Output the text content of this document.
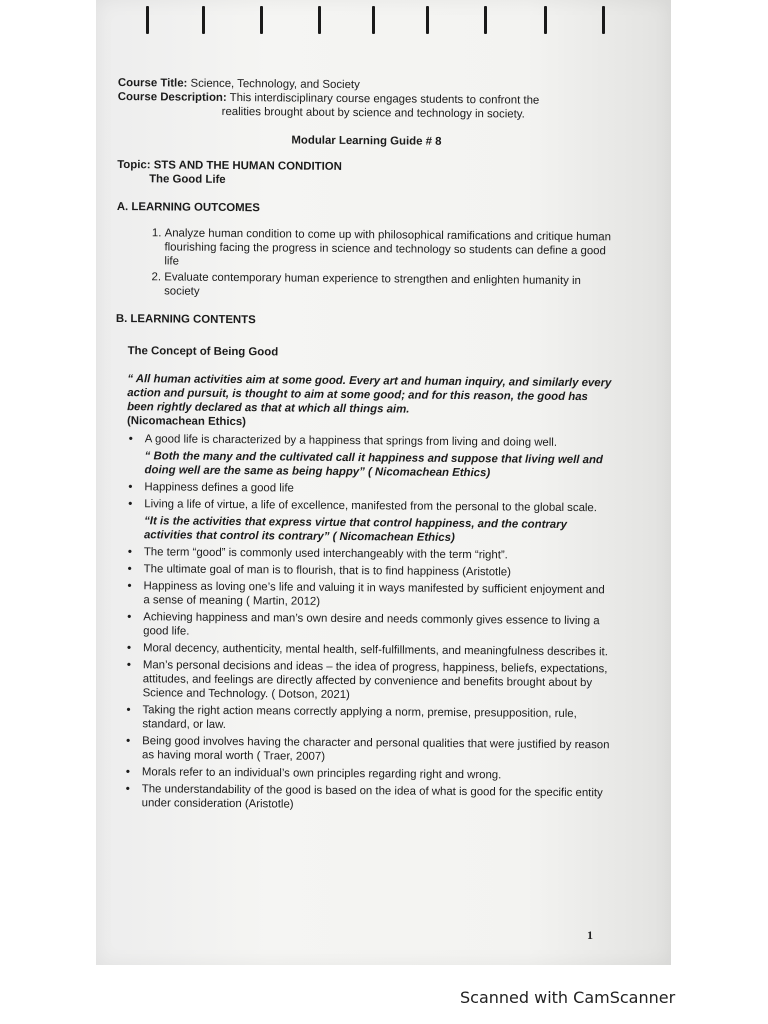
Course Title: Science, Technology, and Society
Course Description: This interdisciplinary course engages students to confront the
realities brought about by science and technology in society.
Modular Learning Guide # 8
Topic: STS AND THE HUMAN CONDITION
The Good Life
A. LEARNING OUTCOMES
1. Analyze human condition to come up with philosophical ramifications and critique human flourishing facing the progress in science and technology so students can define a good life
2. Evaluate contemporary human experience to strengthen and enlighten humanity in society
B. LEARNING CONTENTS
The Concept of Being Good
“ All human activities aim at some good. Every art and human inquiry, and similarly every action and pursuit, is thought to aim at some good; and for this reason, the good has been rightly declared as that at which all things aim.
(Nicomachean Ethics)
• A good life is characterized by a happiness that springs from living and doing well.
“ Both the many and the cultivated call it happiness and suppose that living well and doing well are the same as being happy” ( Nicomachean Ethics)
• Happiness defines a good life
• Living a life of virtue, a life of excellence, manifested from the personal to the global scale.
“It is the activities that express virtue that control happiness, and the contrary activities that control its contrary” ( Nicomachean Ethics)
• The term “good” is commonly used interchangeably with the term “right”.
• The ultimate goal of man is to flourish, that is to find happiness (Aristotle)
• Happiness as loving one’s life and valuing it in ways manifested by sufficient enjoyment and a sense of meaning ( Martin, 2012)
• Achieving happiness and man’s own desire and needs commonly gives essence to living a good life.
• Moral decency, authenticity, mental health, self-fulfillments, and meaningfulness describes it.
• Man’s personal decisions and ideas – the idea of progress, happiness, beliefs, expectations, attitudes, and feelings are directly affected by convenience and benefits brought about by Science and Technology. ( Dotson, 2021)
• Taking the right action means correctly applying a norm, premise, presupposition, rule, standard, or law.
• Being good involves having the character and personal qualities that were justified by reason as having moral worth ( Traer, 2007)
• Morals refer to an individual’s own principles regarding right and wrong.
• The understandability of the good is based on the idea of what is good for the specific entity under consideration (Aristotle)
1
Scanned with CamScanner
